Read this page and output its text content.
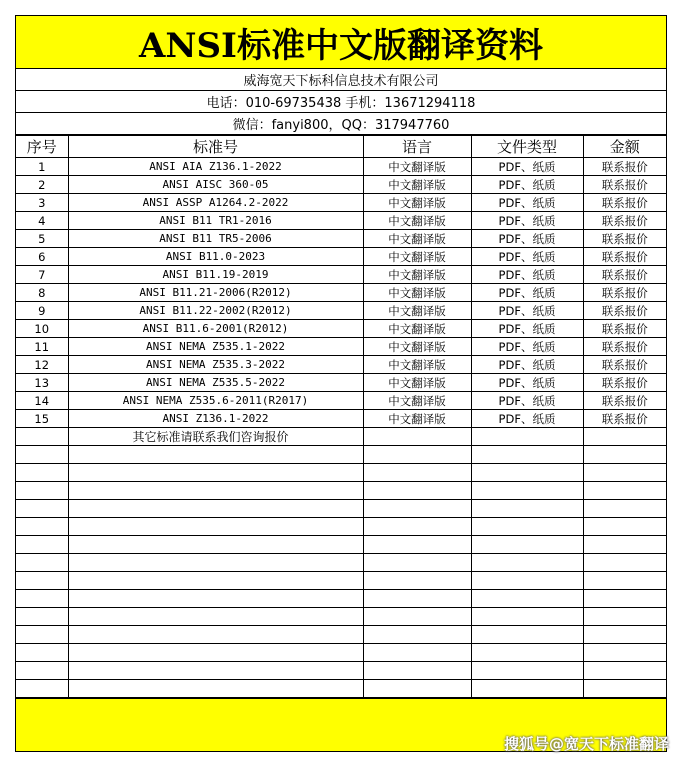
ANSI标准中文版翻译资料
威海宽天下标科信息技术有限公司
电话：010-69735438 手机：13671294118
微信：fanyi800，QQ：317947760
序号	标准号	语言	文件类型	金额
1	ANSI AIA Z136.1-2022	中文翻译版	PDF、纸质	联系报价
2	ANSI AISC 360-05	中文翻译版	PDF、纸质	联系报价
3	ANSI ASSP A1264.2-2022	中文翻译版	PDF、纸质	联系报价
4	ANSI B11 TR1-2016	中文翻译版	PDF、纸质	联系报价
5	ANSI B11 TR5-2006	中文翻译版	PDF、纸质	联系报价
6	ANSI B11.0-2023	中文翻译版	PDF、纸质	联系报价
7	ANSI B11.19-2019	中文翻译版	PDF、纸质	联系报价
8	ANSI B11.21-2006(R2012)	中文翻译版	PDF、纸质	联系报价
9	ANSI B11.22-2002(R2012)	中文翻译版	PDF、纸质	联系报价
10	ANSI B11.6-2001(R2012)	中文翻译版	PDF、纸质	联系报价
11	ANSI NEMA Z535.1-2022	中文翻译版	PDF、纸质	联系报价
12	ANSI NEMA Z535.3-2022	中文翻译版	PDF、纸质	联系报价
13	ANSI NEMA Z535.5-2022	中文翻译版	PDF、纸质	联系报价
14	ANSI NEMA Z535.6-2011(R2017)	中文翻译版	PDF、纸质	联系报价
15	ANSI Z136.1-2022	中文翻译版	PDF、纸质	联系报价
	其它标准请联系我们咨询报价			

搜狐号@宽天下标准翻译
